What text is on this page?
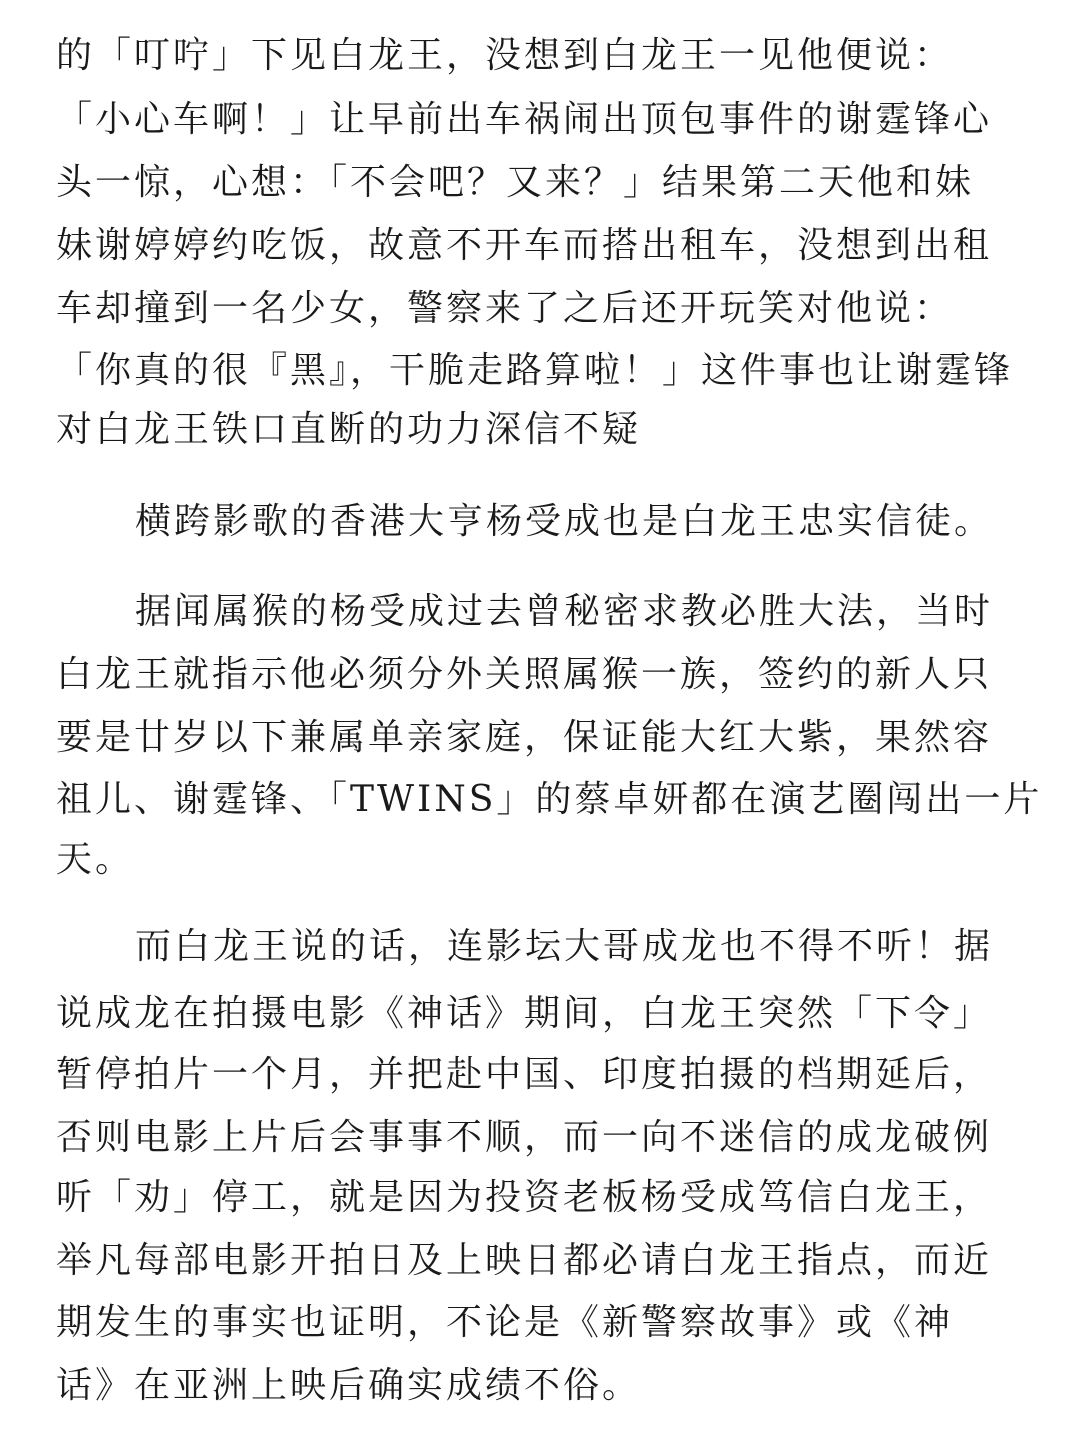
的「叮咛」下见白龙王，没想到白龙王一见他便说：
「小心车啊！」让早前出车祸闹出顶包事件的谢霆锋心
头一惊，心想：「不会吧？又来？」结果第二天他和妹
妹谢婷婷约吃饭，故意不开车而搭出租车，没想到出租
车却撞到一名少女，警察来了之后还开玩笑对他说：
「你真的很『黑』，干脆走路算啦！」这件事也让谢霆锋
对白龙王铁口直断的功力深信不疑
横跨影歌的香港大亨杨受成也是白龙王忠实信徒。
据闻属猴的杨受成过去曾秘密求教必胜大法，当时
白龙王就指示他必须分外关照属猴一族，签约的新人只
要是廿岁以下兼属单亲家庭，保证能大红大紫，果然容
祖儿、谢霆锋、「TWINS」的蔡卓妍都在演艺圈闯出一片
天。
而白龙王说的话，连影坛大哥成龙也不得不听！据
说成龙在拍摄电影《神话》期间，白龙王突然「下令」
暂停拍片一个月，并把赴中国、印度拍摄的档期延后，
否则电影上片后会事事不顺，而一向不迷信的成龙破例
听「劝」停工，就是因为投资老板杨受成笃信白龙王，
举凡每部电影开拍日及上映日都必请白龙王指点，而近
期发生的事实也证明，不论是《新警察故事》或《神
话》在亚洲上映后确实成绩不俗。
